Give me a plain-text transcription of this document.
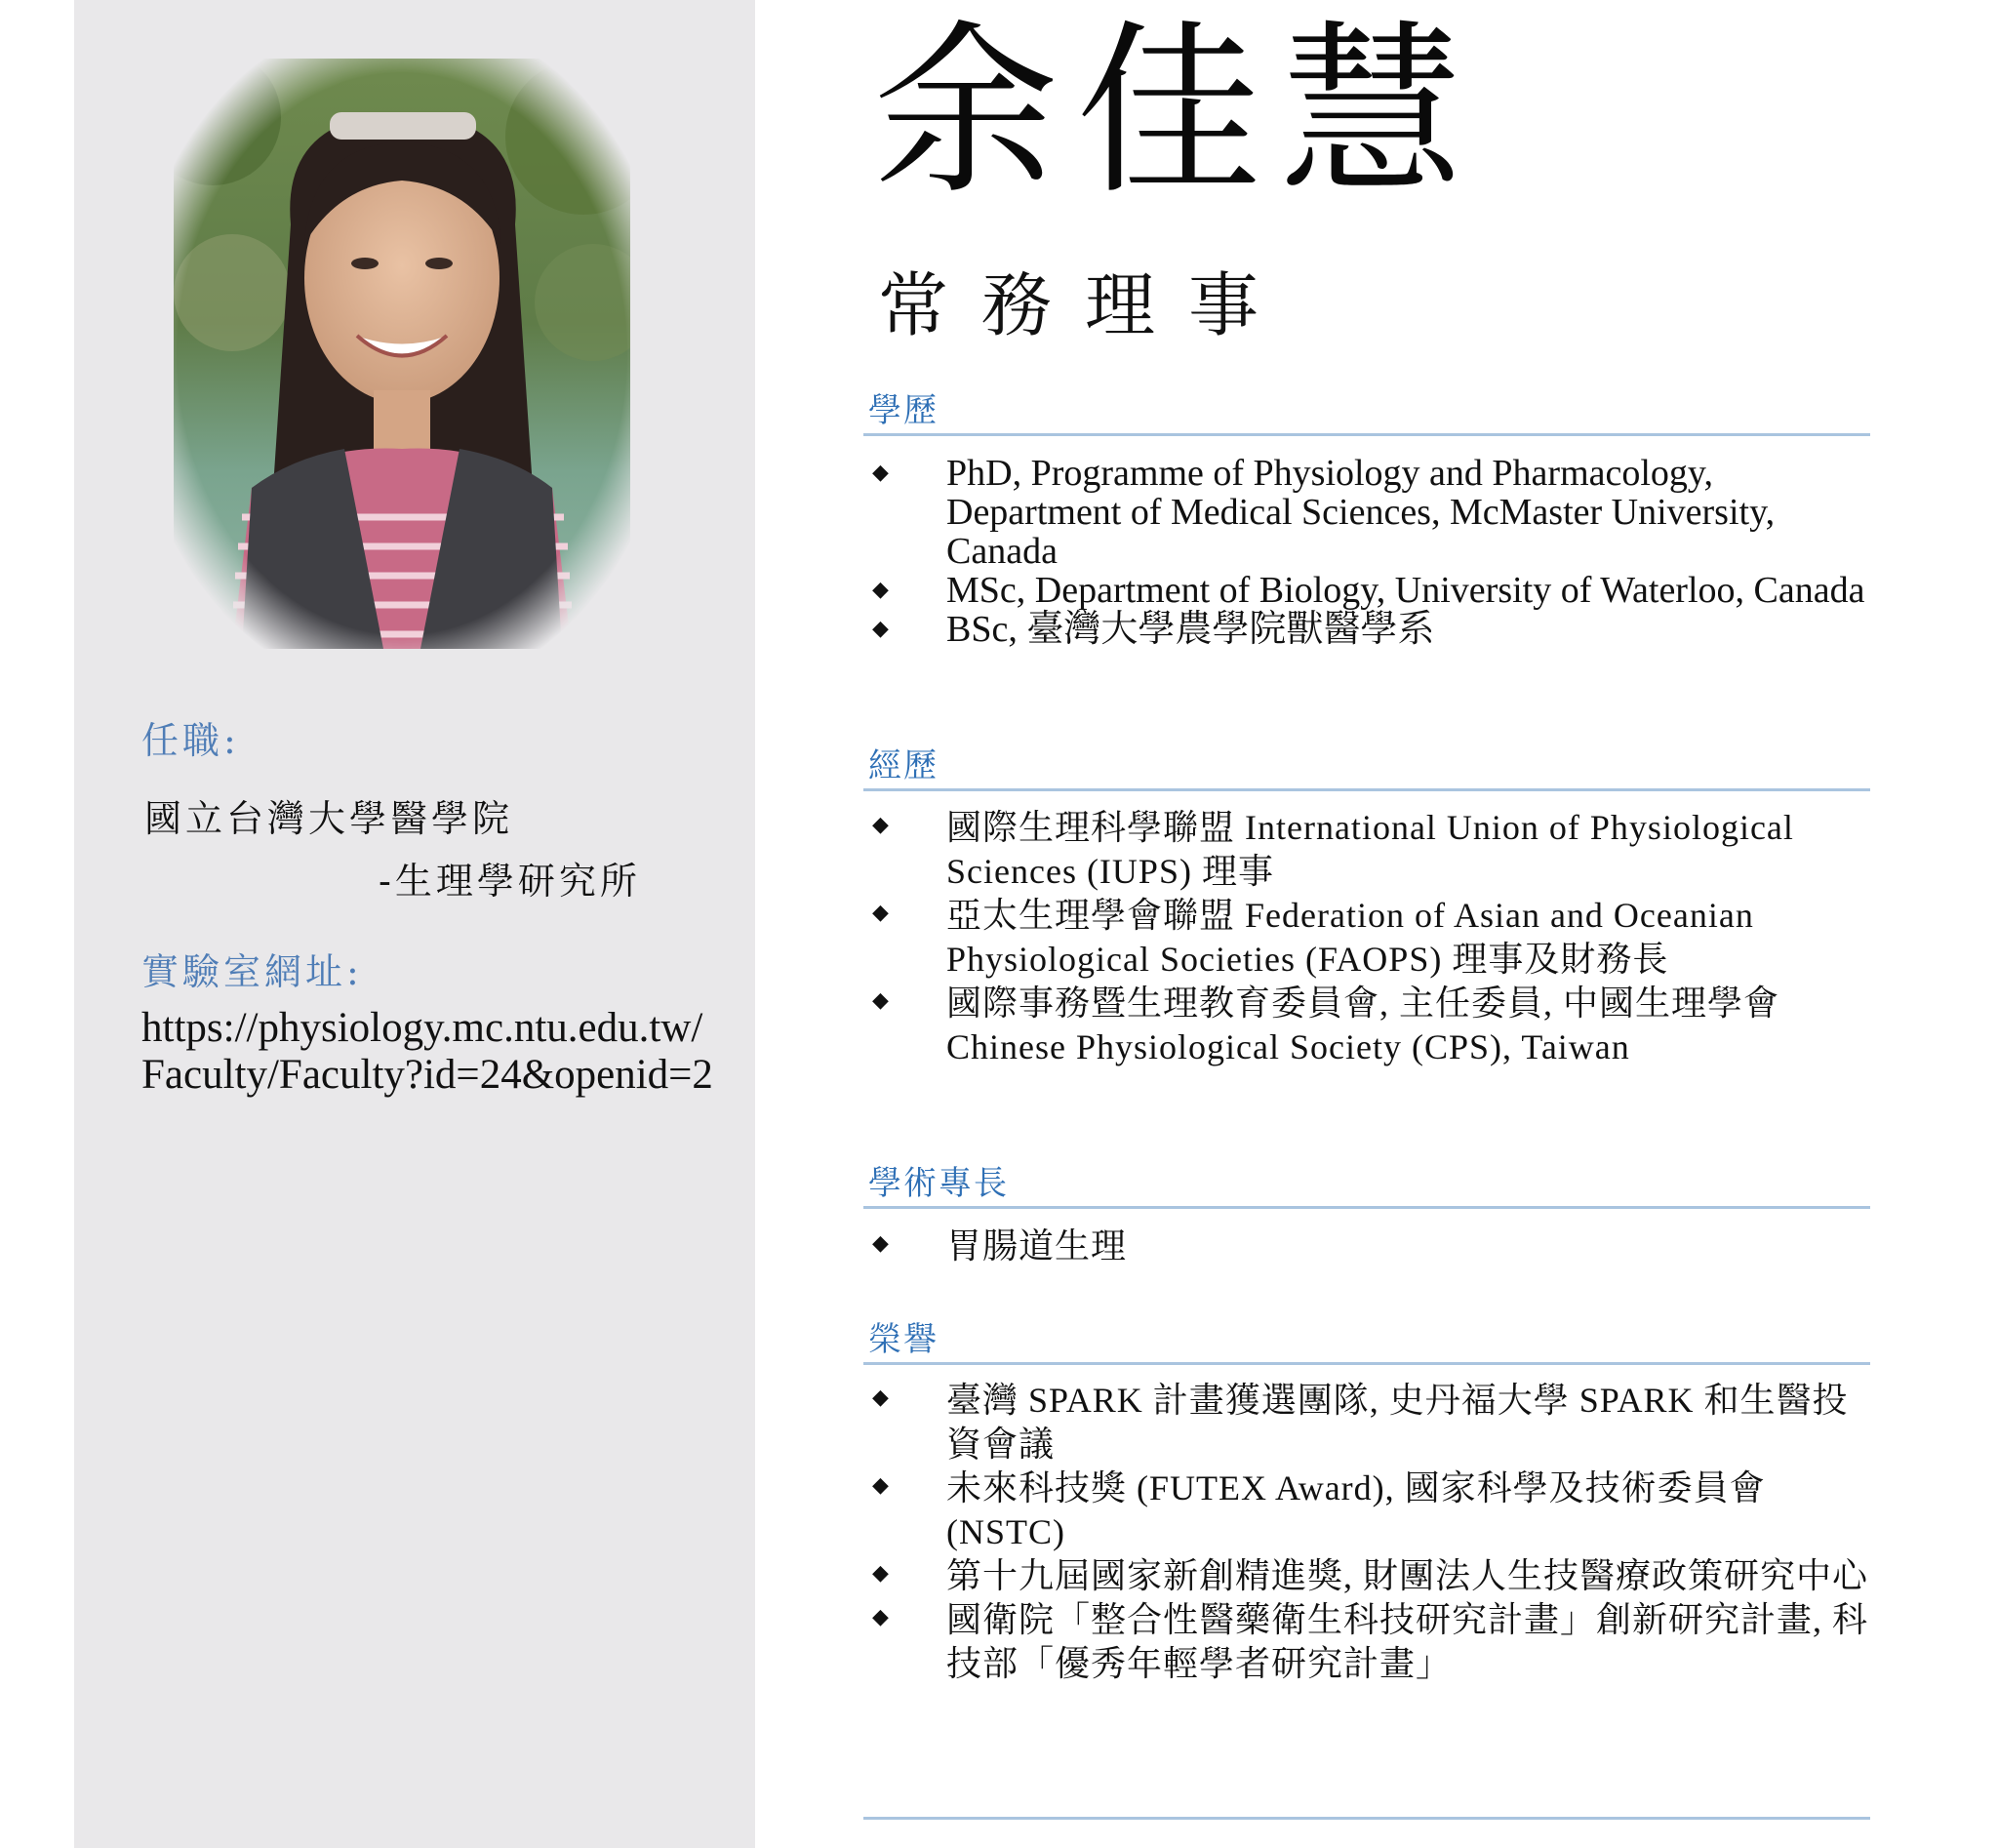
任職:
國立台灣大學醫學院
-生理學研究所
實驗室網址:
https://physiology.mc.ntu.edu.tw/Faculty/Faculty?id=24&openid=2
余佳慧
常務理事
學歷
◆ PhD, Programme of Physiology and Pharmacology, Department of Medical Sciences, McMaster University, Canada
◆ MSc, Department of Biology, University of Waterloo, Canada
◆ BSc, 臺灣大學農學院獸醫學系
經歷
◆ 國際生理科學聯盟 International Union of Physiological Sciences (IUPS) 理事
◆ 亞太生理學會聯盟 Federation of Asian and Oceanian Physiological Societies (FAOPS) 理事及財務長
◆ 國際事務暨生理教育委員會, 主任委員, 中國生理學會 Chinese Physiological Society (CPS), Taiwan
學術專長
◆ 胃腸道生理
榮譽
◆ 臺灣 SPARK 計畫獲選團隊, 史丹福大學 SPARK 和生醫投資會議
◆ 未來科技獎 (FUTEX Award), 國家科學及技術委員會 (NSTC)
◆ 第十九屆國家新創精進獎, 財團法人生技醫療政策研究中心
◆ 國衛院「整合性醫藥衛生科技研究計畫」創新研究計畫, 科技部「優秀年輕學者研究計畫」
